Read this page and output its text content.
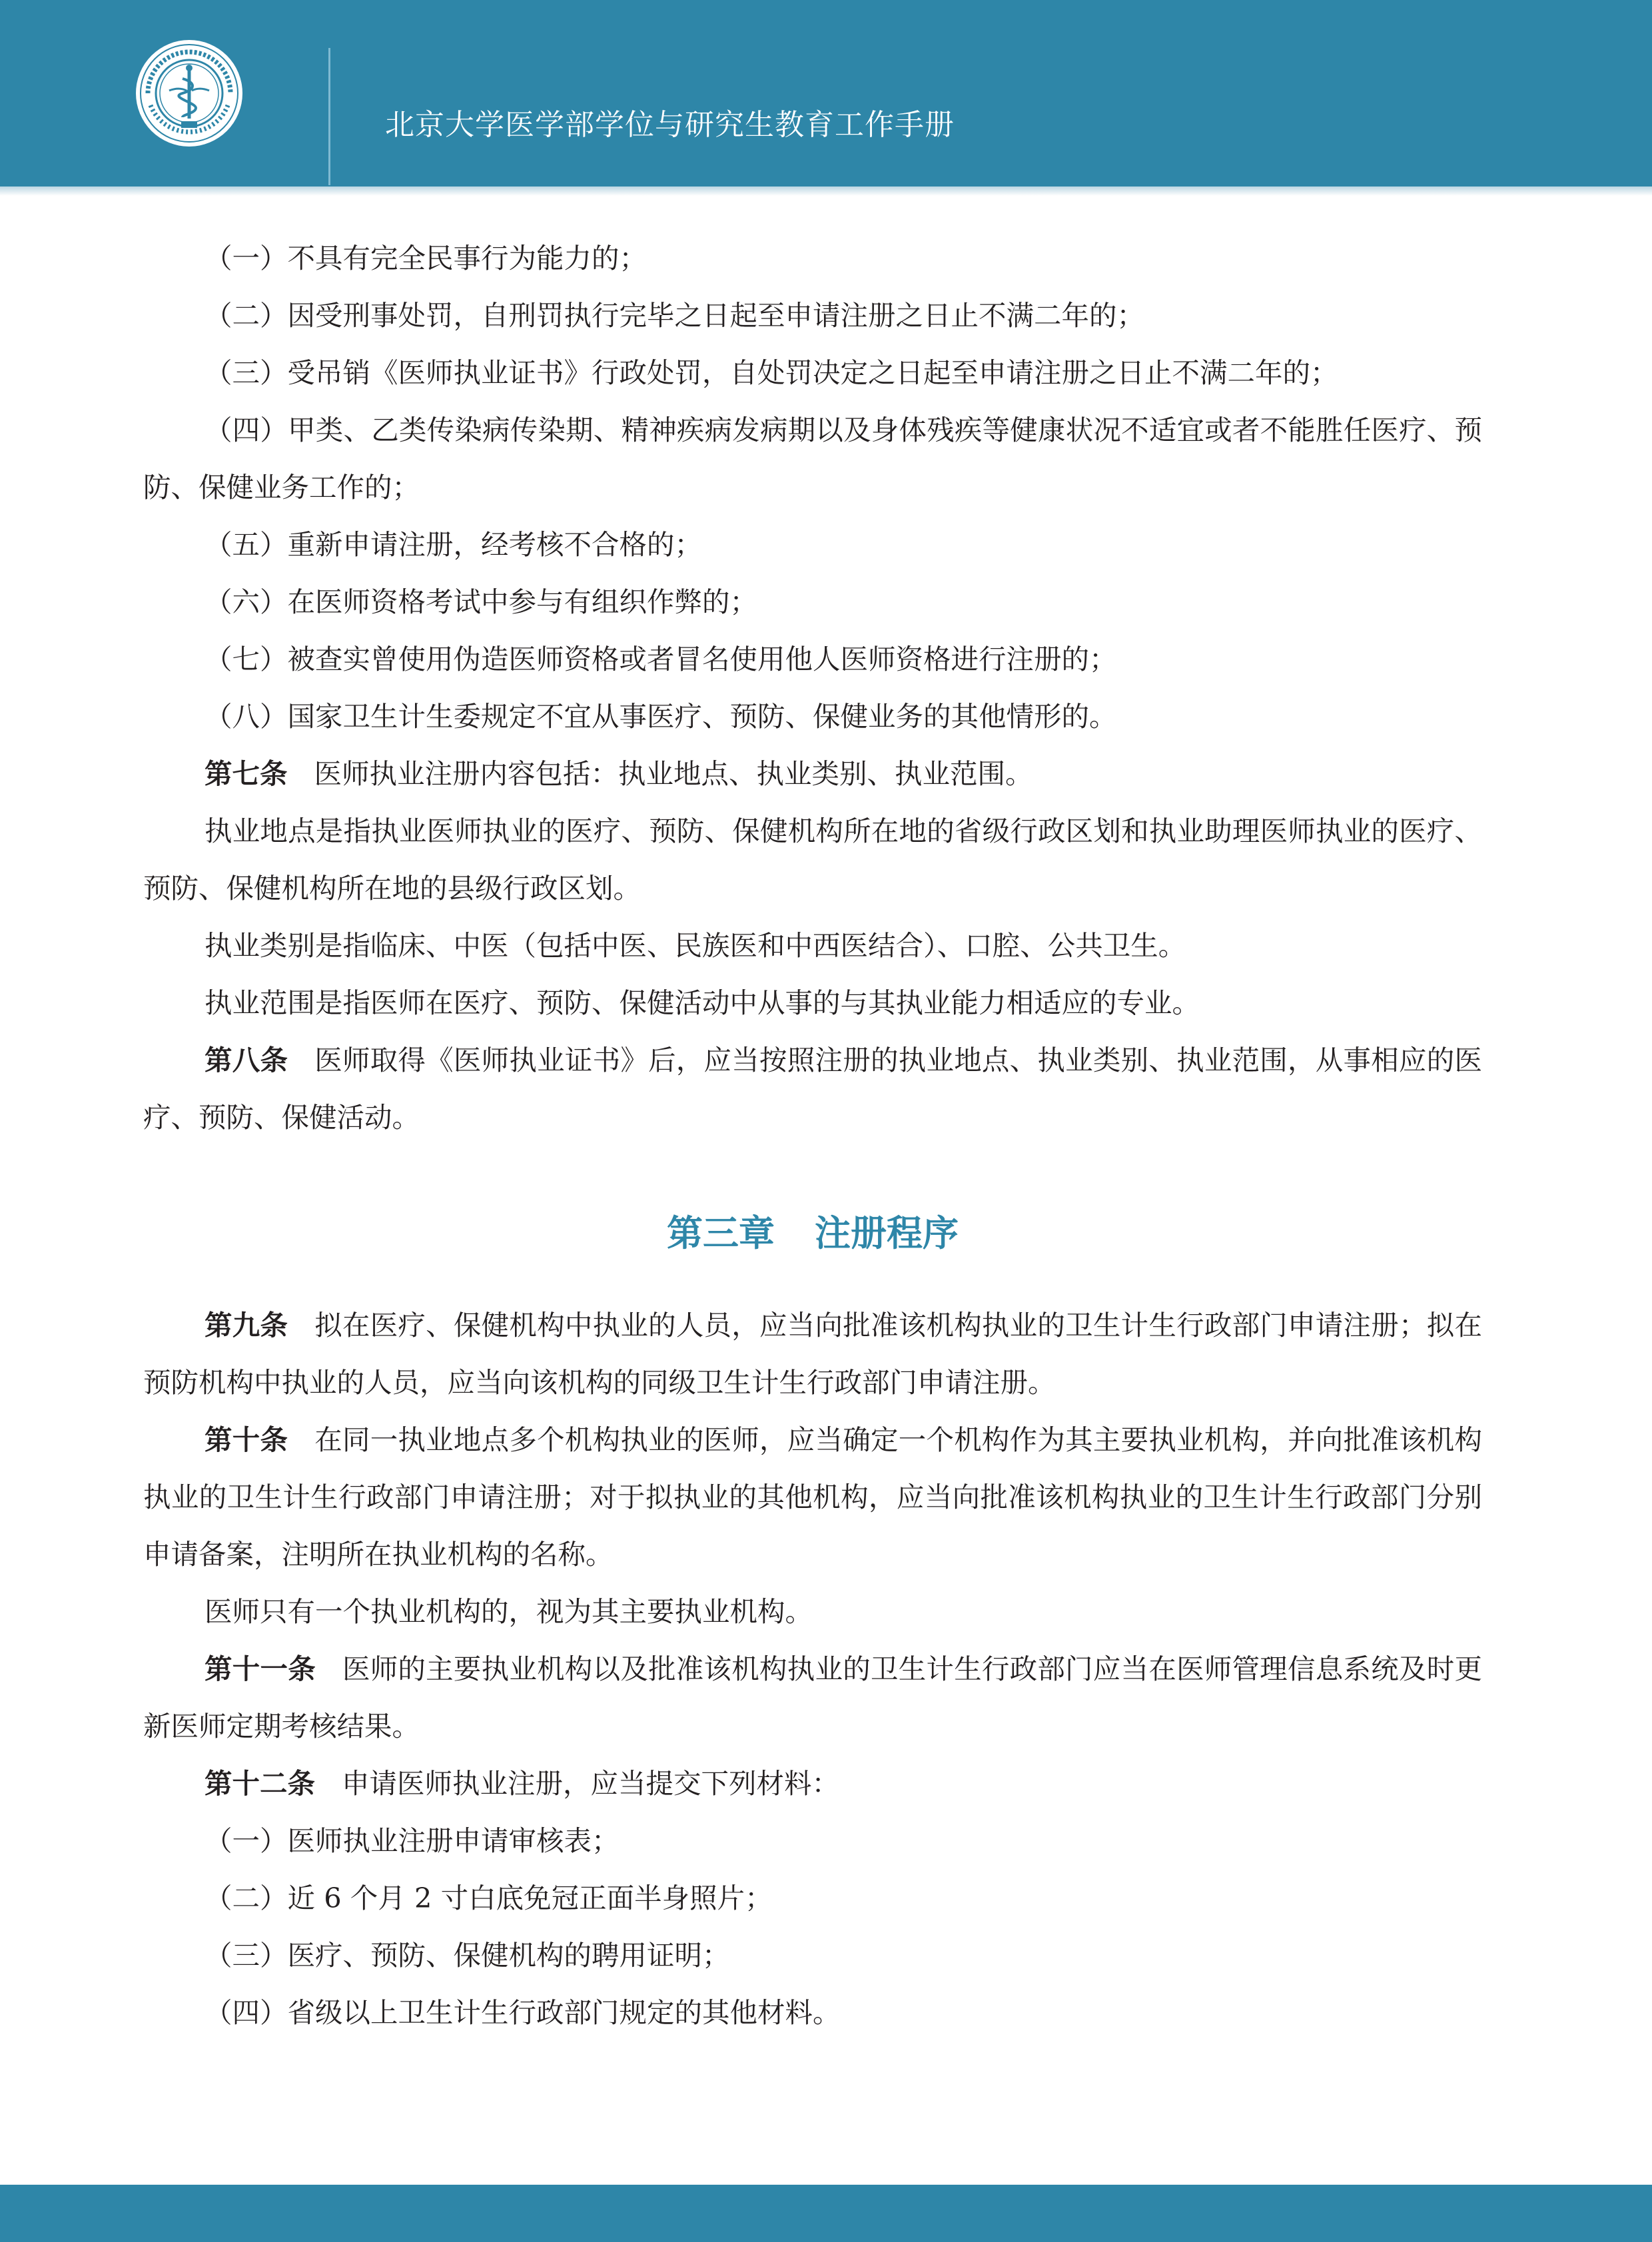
北京大学医学部学位与研究生教育工作手册

（一）不具有完全民事行为能力的；

（二）因受刑事处罚，自刑罚执行完毕之日起至申请注册之日止不满二年的；

（三）受吊销《医师执业证书》行政处罚，自处罚决定之日起至申请注册之日止不满二年的；

（四）甲类、乙类传染病传染期、精神疾病发病期以及身体残疾等健康状况不适宜或者不能胜任医疗、预防、保健业务工作的；

（五）重新申请注册，经考核不合格的；

（六）在医师资格考试中参与有组织作弊的；

（七）被查实曾使用伪造医师资格或者冒名使用他人医师资格进行注册的；

（八）国家卫生计生委规定不宜从事医疗、预防、保健业务的其他情形的。

第七条 医师执业注册内容包括：执业地点、执业类别、执业范围。

执业地点是指执业医师执业的医疗、预防、保健机构所在地的省级行政区划和执业助理医师执业的医疗、预防、保健机构所在地的县级行政区划。

执业类别是指临床、中医（包括中医、民族医和中西医结合）、口腔、公共卫生。

执业范围是指医师在医疗、预防、保健活动中从事的与其执业能力相适应的专业。

第八条 医师取得《医师执业证书》后，应当按照注册的执业地点、执业类别、执业范围，从事相应的医疗、预防、保健活动。

第三章 注册程序

第九条 拟在医疗、保健机构中执业的人员，应当向批准该机构执业的卫生计生行政部门申请注册；拟在预防机构中执业的人员，应当向该机构的同级卫生计生行政部门申请注册。

第十条 在同一执业地点多个机构执业的医师，应当确定一个机构作为其主要执业机构，并向批准该机构执业的卫生计生行政部门申请注册；对于拟执业的其他机构，应当向批准该机构执业的卫生计生行政部门分别申请备案，注明所在执业机构的名称。

医师只有一个执业机构的，视为其主要执业机构。

第十一条 医师的主要执业机构以及批准该机构执业的卫生计生行政部门应当在医师管理信息系统及时更新医师定期考核结果。

第十二条 申请医师执业注册，应当提交下列材料：

（一）医师执业注册申请审核表；

（二）近 6 个月 2 寸白底免冠正面半身照片；

（三）医疗、预防、保健机构的聘用证明；

（四）省级以上卫生计生行政部门规定的其他材料。
